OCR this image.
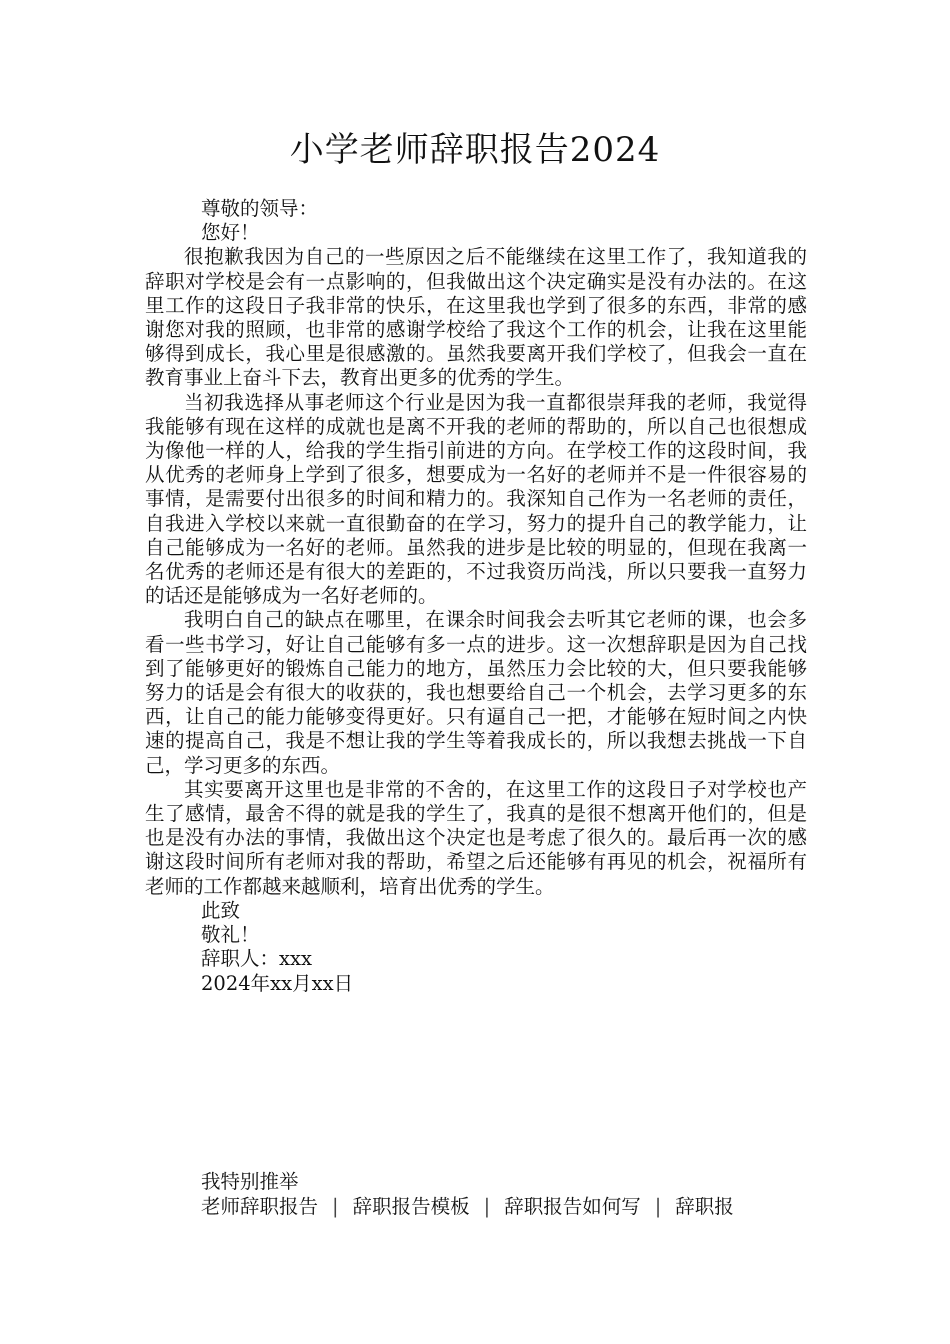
小学老师辞职报告2024

尊敬的领导：

您好！

很抱歉我因为自己的一些原因之后不能继续在这里工作了，我知道我的辞职对学校是会有一点影响的，但我做出这个决定确实是没有办法的。在这里工作的这段日子我非常的快乐，在这里我也学到了很多的东西，非常的感谢您对我的照顾，也非常的感谢学校给了我这个工作的机会，让我在这里能够得到成长，我心里是很感激的。虽然我要离开我们学校了，但我会一直在教育事业上奋斗下去，教育出更多的优秀的学生。

当初我选择从事老师这个行业是因为我一直都很崇拜我的老师，我觉得我能够有现在这样的成就也是离不开我的老师的帮助的，所以自己也很想成为像他一样的人，给我的学生指引前进的方向。在学校工作的这段时间，我从优秀的老师身上学到了很多，想要成为一名好的老师并不是一件很容易的事情，是需要付出很多的时间和精力的。我深知自己作为一名老师的责任，自我进入学校以来就一直很勤奋的在学习，努力的提升自己的教学能力，让自己能够成为一名好的老师。虽然我的进步是比较的明显的，但现在我离一名优秀的老师还是有很大的差距的，不过我资历尚浅，所以只要我一直努力的话还是能够成为一名好老师的。

我明白自己的缺点在哪里，在课余时间我会去听其它老师的课，也会多看一些书学习，好让自己能够有多一点的进步。这一次想辞职是因为自己找到了能够更好的锻炼自己能力的地方，虽然压力会比较的大，但只要我能够努力的话是会有很大的收获的，我也想要给自己一个机会，去学习更多的东西，让自己的能力能够变得更好。只有逼自己一把，才能够在短时间之内快速的提高自己，我是不想让我的学生等着我成长的，所以我想去挑战一下自己，学习更多的东西。

其实要离开这里也是非常的不舍的，在这里工作的这段日子对学校也产生了感情，最舍不得的就是我的学生了，我真的是很不想离开他们的，但是也是没有办法的事情，我做出这个决定也是考虑了很久的。最后再一次的感谢这段时间所有老师对我的帮助，希望之后还能够有再见的机会，祝福所有老师的工作都越来越顺利，培育出优秀的学生。

此致

敬礼！

辞职人：xxx

2024年xx月xx日

我特别推举
老师辞职报告 | 辞职报告模板 | 辞职报告如何写 | 辞职报
